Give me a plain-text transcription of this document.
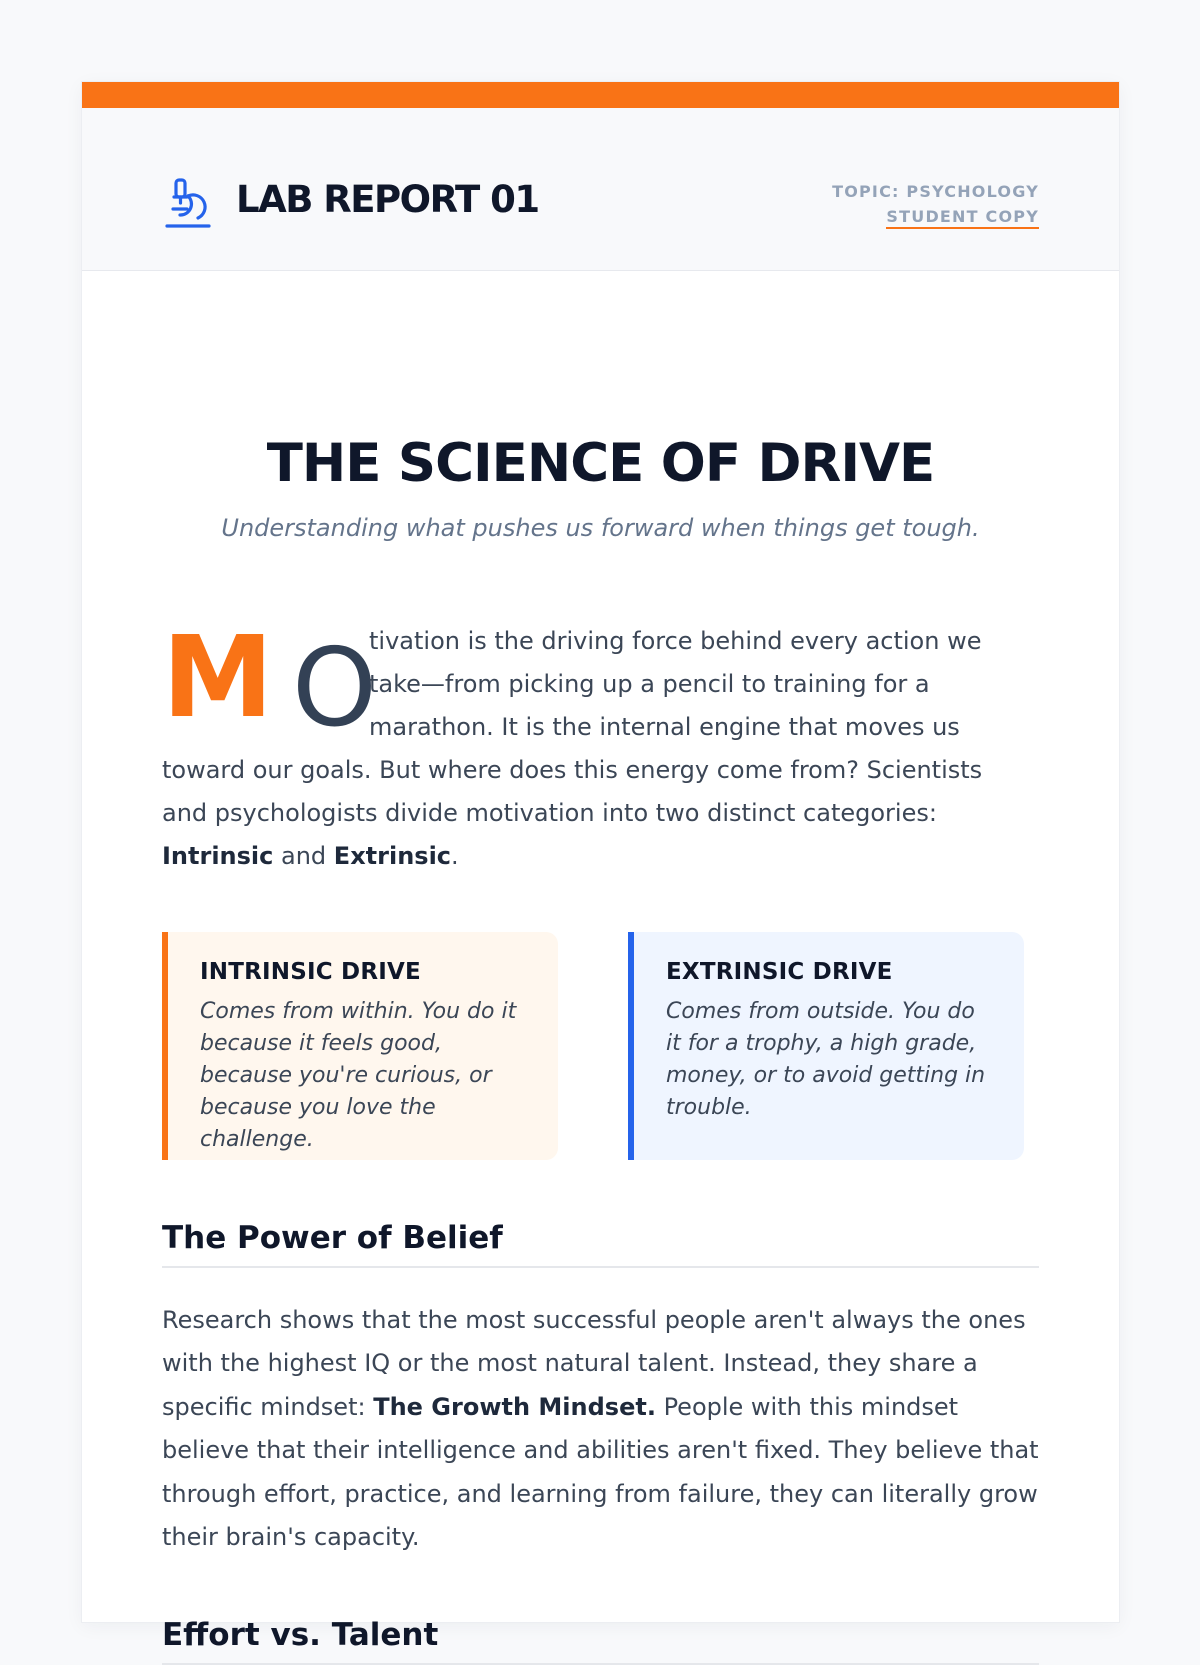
LAB REPORT 01	TOPIC: PSYCHOLOGY
STUDENT COPY
THE SCIENCE OF DRIVE

Understanding what pushes us forward when things get tough.

M O
tivation is the driving force behind every action we
take—from picking up a pencil to training for a
marathon. It is the internal engine that moves us
toward our goals. But where does this energy come from? Scientists
and psychologists divide motivation into two distinct categories:
Intrinsic and Extrinsic.
INTRINSIC DRIVE

Comes from within. You do it because it feels good, because you're curious, or because you love the challenge.

EXTRINSIC DRIVE

Comes from outside. You do it for a trophy, a high grade, money, or to avoid getting in trouble.

The Power of Belief

Research shows that the most successful people aren't always the ones with the highest IQ or the most natural talent. Instead, they share a specific mindset: The Growth Mindset. People with this mindset believe that their intelligence and abilities aren't fixed. They believe that through effort, practice, and learning from failure, they can literally grow their brain's capacity.

Effort vs. Talent
